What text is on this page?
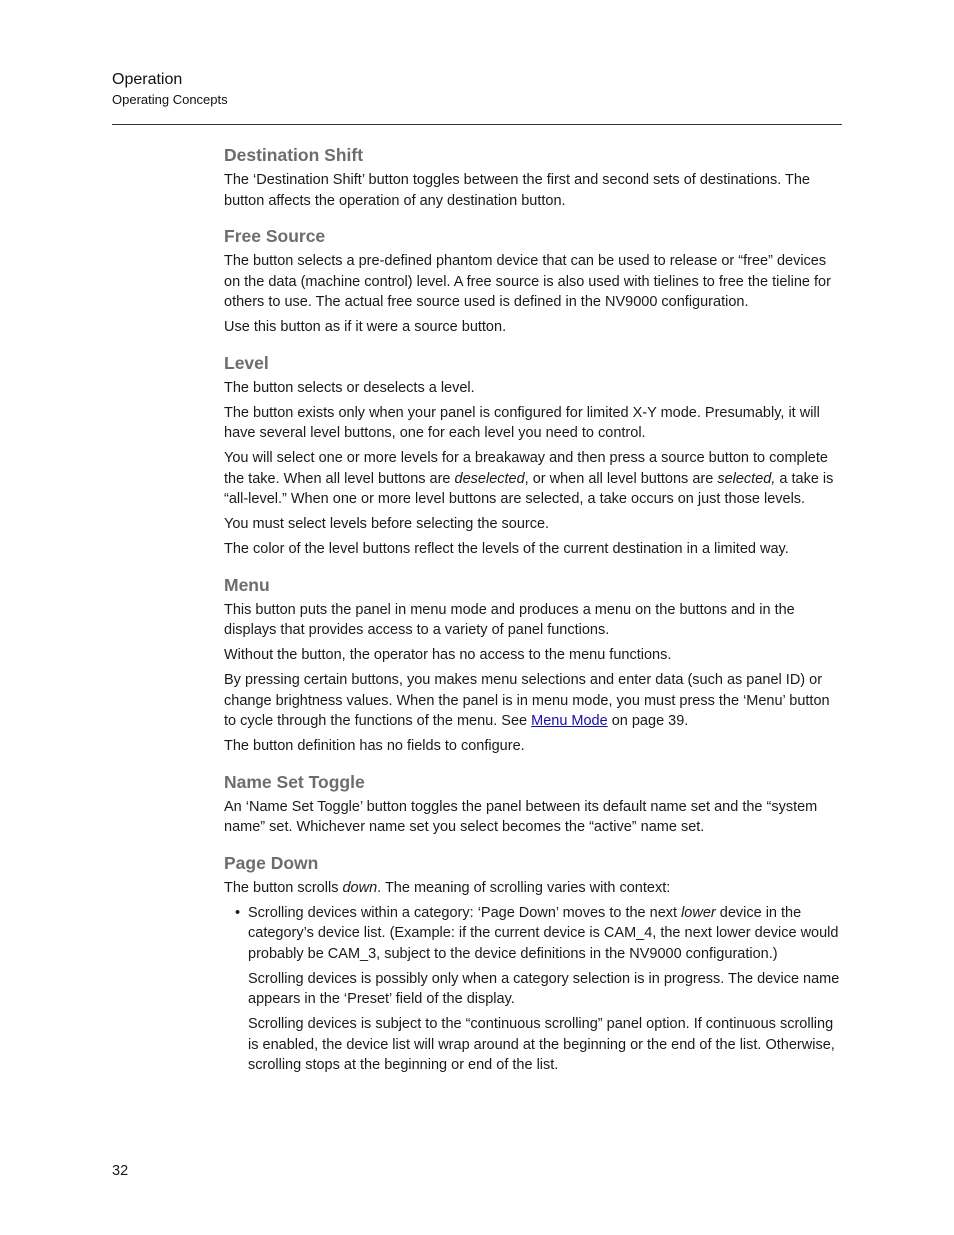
Operation
Operating Concepts
Destination Shift

The ‘Destination Shift’ button toggles between the first and second sets of destinations. The button affects the operation of any destination button.

Free Source

The button selects a pre-defined phantom device that can be used to release or “free” devices on the data (machine control) level. A free source is also used with tielines to free the tieline for others to use. The actual free source used is defined in the NV9000 configuration.

Use this button as if it were a source button.

Level

The button selects or deselects a level.

The button exists only when your panel is configured for limited X-Y mode. Presumably, it will have several level buttons, one for each level you need to control.

You will select one or more levels for a breakaway and then press a source button to complete the take. When all level buttons are deselected, or when all level buttons are selected, a take is “all-level.” When one or more level buttons are selected, a take occurs on just those levels.

You must select levels before selecting the source.

The color of the level buttons reflect the levels of the current destination in a limited way.

Menu

This button puts the panel in menu mode and produces a menu on the buttons and in the displays that provides access to a variety of panel functions.

Without the button, the operator has no access to the menu functions.

By pressing certain buttons, you makes menu selections and enter data (such as panel ID) or change brightness values. When the panel is in menu mode, you must press the ‘Menu’ button to cycle through the functions of the menu. See Menu Mode on page 39.

The button definition has no fields to configure.

Name Set Toggle

An ‘Name Set Toggle’ button toggles the panel between its default name set and the “system name” set. Whichever name set you select becomes the “active” name set.

Page Down

The button scrolls down. The meaning of scrolling varies with context:

• Scrolling devices within a category: ‘Page Down’ moves to the next lower device in the category’s device list. (Example: if the current device is CAM_4, the next lower device would probably be CAM_3, subject to the device definitions in the NV9000 configuration.)

Scrolling devices is possibly only when a category selection is in progress. The device name appears in the ‘Preset’ field of the display.

Scrolling devices is subject to the “continuous scrolling” panel option. If continuous scrolling is enabled, the device list will wrap around at the beginning or the end of the list. Otherwise, scrolling stops at the beginning or end of the list.

32
